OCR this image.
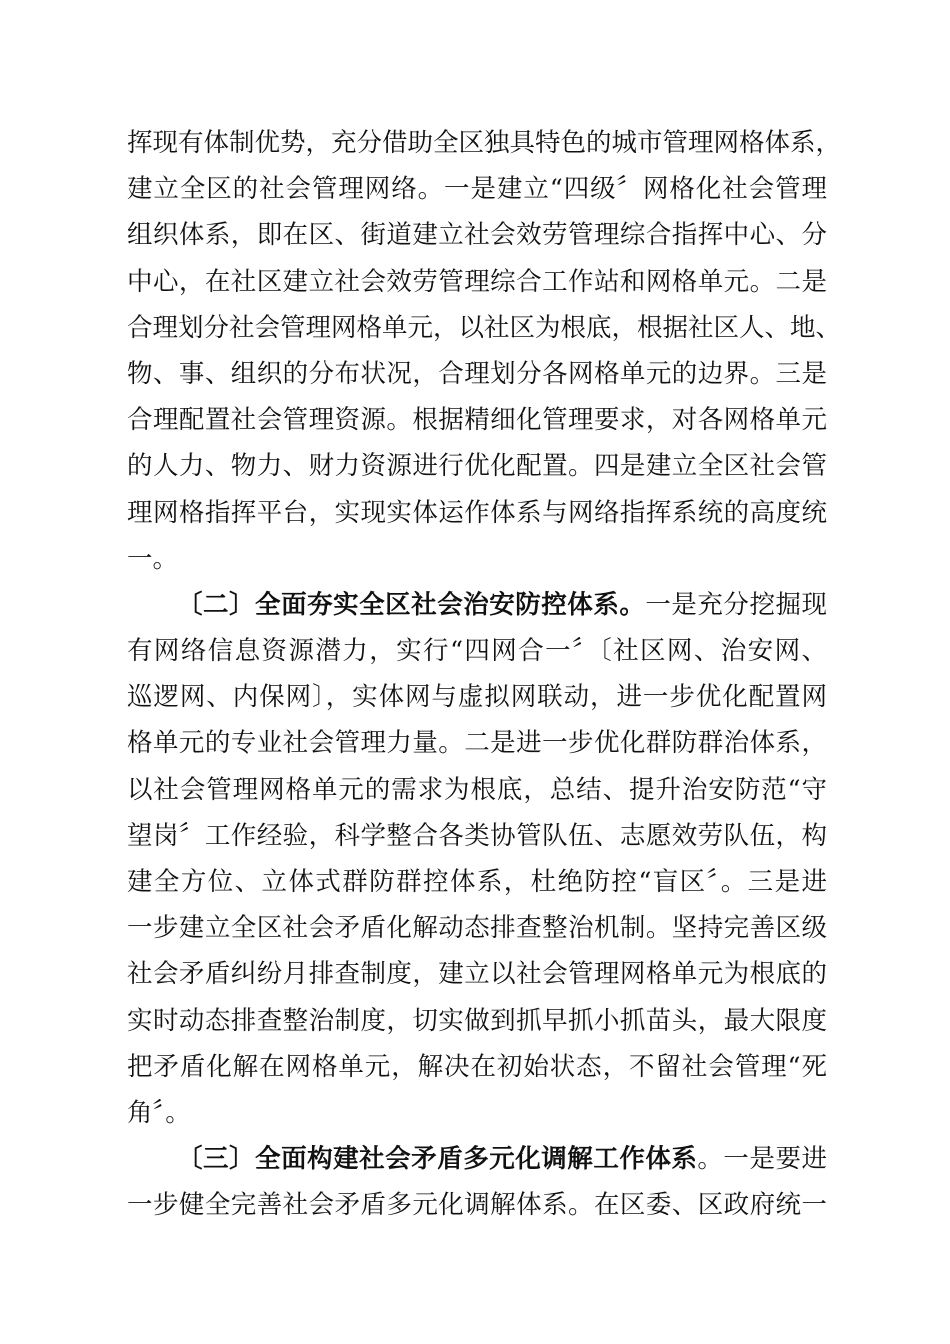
挥现有体制优势，充分借助全区独具特色的城市管理网格体系，
建立全区的社会管理网络。一是建立“四级〞网格化社会管理
组织体系，即在区、街道建立社会效劳管理综合指挥中心、分
中心，在社区建立社会效劳管理综合工作站和网格单元。二是
合理划分社会管理网格单元，以社区为根底，根据社区人、地、
物、事、组织的分布状况，合理划分各网格单元的边界。三是
合理配置社会管理资源。根据精细化管理要求，对各网格单元
的人力、物力、财力资源进行优化配置。四是建立全区社会管
理网格指挥平台，实现实体运作体系与网络指挥系统的高度统
一。
〔二〕全面夯实全区社会治安防控体系。一是充分挖掘现
有网络信息资源潜力，实行“四网合一〞〔社区网、治安网、
巡逻网、内保网〕，实体网与虚拟网联动，进一步优化配置网
格单元的专业社会管理力量。二是进一步优化群防群治体系，
以社会管理网格单元的需求为根底，总结、提升治安防范“守
望岗〞工作经验，科学整合各类协管队伍、志愿效劳队伍，构
建全方位、立体式群防群控体系，杜绝防控“盲区〞。三是进
一步建立全区社会矛盾化解动态排查整治机制。坚持完善区级
社会矛盾纠纷月排查制度，建立以社会管理网格单元为根底的
实时动态排查整治制度，切实做到抓早抓小抓苗头，最大限度
把矛盾化解在网格单元，解决在初始状态，不留社会管理“死
角〞。
〔三〕全面构建社会矛盾多元化调解工作体系。一是要进
一步健全完善社会矛盾多元化调解体系。在区委、区政府统一
